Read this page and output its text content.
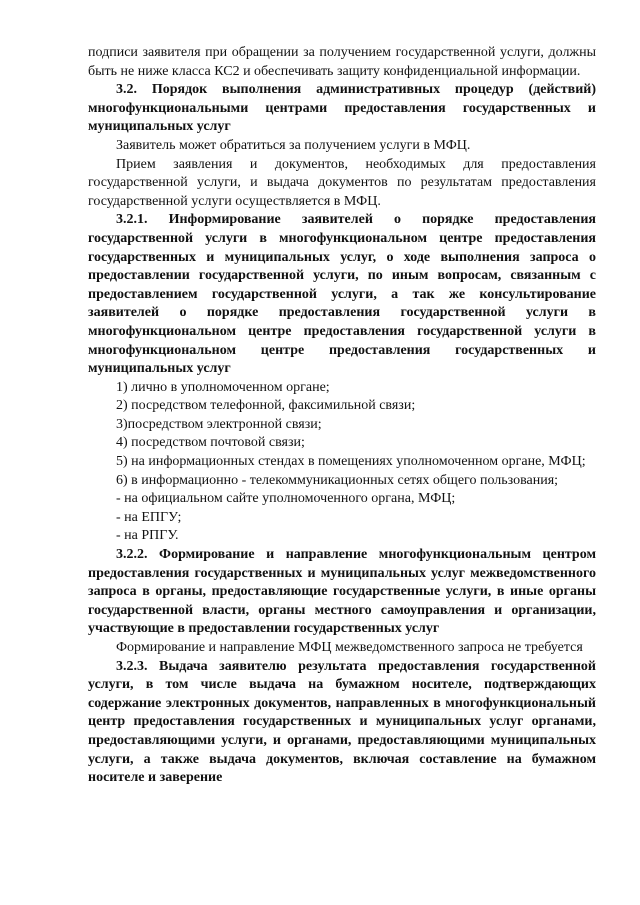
подписи заявителя при обращении за получением государственной услуги, должны быть не ниже класса КС2 и обеспечивать защиту конфиденциальной информации.

3.2. Порядок выполнения административных процедур (действий) многофункциональными центрами предоставления государственных и муниципальных услуг

Заявитель может обратиться за получением услуги в МФЦ.

Прием заявления и документов, необходимых для предоставления государственной услуги, и выдача документов по результатам предоставления государственной услуги осуществляется в МФЦ.

3.2.1. Информирование заявителей о порядке предоставления государственной услуги в многофункциональном центре предоставления государственных и муниципальных услуг, о ходе выполнения запроса о предоставлении государственной услуги, по иным вопросам, связанным с предоставлением государственной услуги, а так же консультирование заявителей о порядке предоставления государственной услуги в многофункциональном центре предоставления государственной услуги в многофункциональном центре предоставления государственных и муниципальных услуг

1) лично в уполномоченном органе;

2) посредством телефонной, факсимильной связи;

3)посредством электронной связи;

4) посредством почтовой связи;

5) на информационных стендах в помещениях уполномоченном органе, МФЦ;

6) в информационно - телекоммуникационных сетях общего пользования;

- на официальном сайте уполномоченного органа, МФЦ;

- на ЕПГУ;

- на РПГУ.

3.2.2. Формирование и направление многофункциональным центром предоставления государственных и муниципальных услуг межведомственного запроса в органы, предоставляющие государственные услуги, в иные органы государственной власти, органы местного самоуправления и организации, участвующие в предоставлении государственных услуг

Формирование и направление МФЦ межведомственного запроса не требуется

3.2.3. Выдача заявителю результата предоставления государственной услуги, в том числе выдача на бумажном носителе, подтверждающих содержание электронных документов, направленных в многофункциональный центр предоставления государственных и муниципальных услуг органами, предоставляющими услуги, и органами, предоставляющими муниципальных услуги, а также выдача документов, включая составление на бумажном носителе и заверение
